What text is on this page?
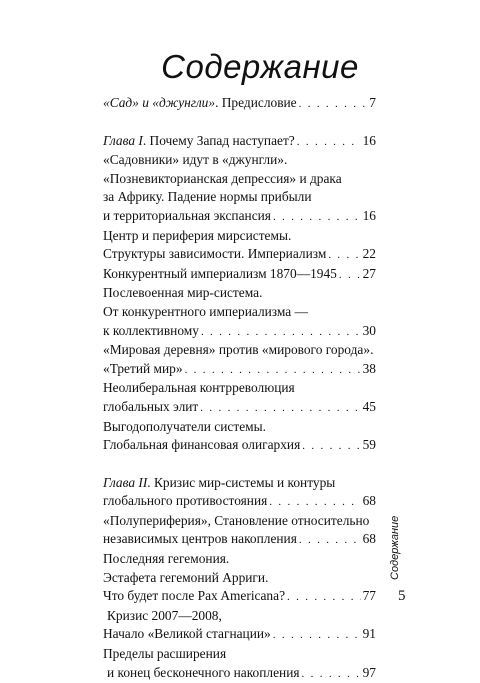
Содержание
«Сад» и «джунгли». Предисловие . . .	7
Глава I. Почему Запад наступает? . . .	16
«Садовники» идут в «джунгли».
«Позневикторианская депрессия» и драка
за Африку. Падение нормы прибыли
и территориальная экспансия . . .	16
Центр и периферия мирсистемы.
Структуры зависимости. Империализм . . .	22
Конкурентный империализм 1870—1945 . . . 27
Послевоенная мир-система.
От конкурентного империализма —
к коллективному . . .	30
«Мировая деревня» против «мирового города».
«Третий мир» . . .	38
Неолиберальная контрреволюция
глобальных элит . . .	45
Выгодополучатели системы.
Глобальная финансовая олигархия . . .	59
Глава II. Кризис мир-системы и контуры
глобального противостояния . . .	68
«Полупериферия», Становление относительно
независимых центров накопления . . .	68
Последняя гегемония.
Эстафета гегемоний Арриги.
Что будет после Pax Americana? . . .	77
Кризис 2007—2008,
Начало «Великой стагнации» . . .	91
Пределы расширения
и конец бесконечного накопления . . .	97
Содержание
5
